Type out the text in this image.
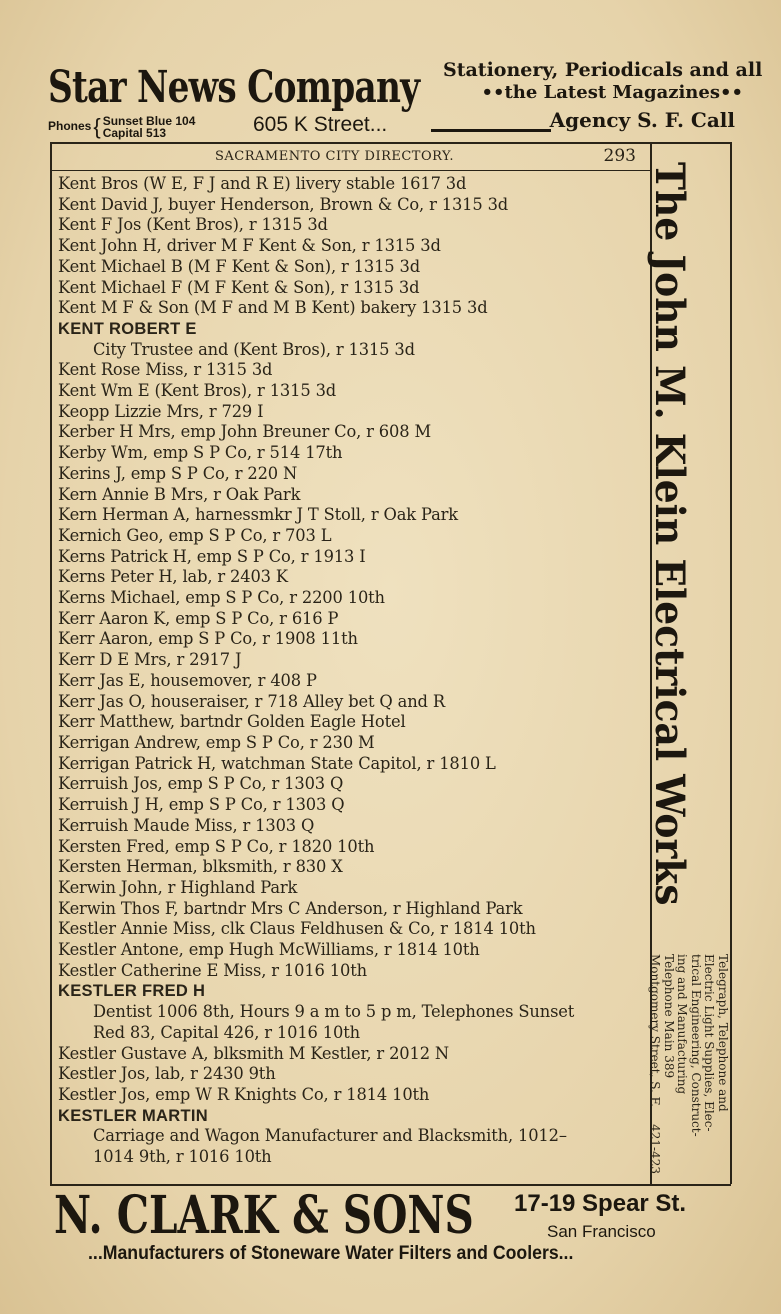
Star News Company
Phones{ Sunset Blue 104
Capital 513	605 K Street...
Stationery, Periodicals and all
••the Latest Magazines••
Agency S. F. Call
SACRAMENTO CITY DIRECTORY.	293
Kent Bros (W E, F J and R E) livery stable 1617 3d
Kent David J, buyer Henderson, Brown & Co, r 1315 3d
Kent F Jos (Kent Bros), r 1315 3d
Kent John H, driver M F Kent & Son, r 1315 3d
Kent Michael B (M F Kent & Son), r 1315 3d
Kent Michael F (M F Kent & Son), r 1315 3d
Kent M F & Son (M F and M B Kent) bakery 1315 3d
KENT ROBERT E
City Trustee and (Kent Bros), r 1315 3d
Kent Rose Miss, r 1315 3d
Kent Wm E (Kent Bros), r 1315 3d
Keopp Lizzie Mrs, r 729 I
Kerber H Mrs, emp John Breuner Co, r 608 M
Kerby Wm, emp S P Co, r 514 17th
Kerins J, emp S P Co, r 220 N
Kern Annie B Mrs, r Oak Park
Kern Herman A, harnessmkr J T Stoll, r Oak Park
Kernich Geo, emp S P Co, r 703 L
Kerns Patrick H, emp S P Co, r 1913 I
Kerns Peter H, lab, r 2403 K
Kerns Michael, emp S P Co, r 2200 10th
Kerr Aaron K, emp S P Co, r 616 P
Kerr Aaron, emp S P Co, r 1908 11th
Kerr D E Mrs, r 2917 J
Kerr Jas E, housemover, r 408 P
Kerr Jas O, houseraiser, r 718 Alley bet Q and R
Kerr Matthew, bartndr Golden Eagle Hotel
Kerrigan Andrew, emp S P Co, r 230 M
Kerrigan Patrick H, watchman State Capitol, r 1810 L
Kerruish Jos, emp S P Co, r 1303 Q
Kerruish J H, emp S P Co, r 1303 Q
Kerruish Maude Miss, r 1303 Q
Kersten Fred, emp S P Co, r 1820 10th
Kersten Herman, blksmith, r 830 X
Kerwin John, r Highland Park
Kerwin Thos F, bartndr Mrs C Anderson, r Highland Park
Kestler Annie Miss, clk Claus Feldhusen & Co, r 1814 10th
Kestler Antone, emp Hugh McWilliams, r 1814 10th
Kestler Catherine E Miss, r 1016 10th
KESTLER FRED H
Dentist 1006 8th, Hours 9 a m to 5 p m, Telephones Sunset
Red 83, Capital 426, r 1016 10th
Kestler Gustave A, blksmith M Kestler, r 2012 N
Kestler Jos, lab, r 2430 9th
Kestler Jos, emp W R Knights Co, r 1814 10th
KESTLER MARTIN
Carriage and Wagon Manufacturer and Blacksmith, 1012–
1014 9th, r 1016 10th
The John M. Klein Electrical Works
Telegraph, Telephone and
Electric Light Supplies, Elec-
trical Engineering, Construct-
ing and Manufacturing
Telephone Main 389
Montgomery Street, S. F.
421-423
N. CLARK & SONS 17-19 Spear St.
San Francisco
...Manufacturers of Stoneware Water Filters and Coolers...
